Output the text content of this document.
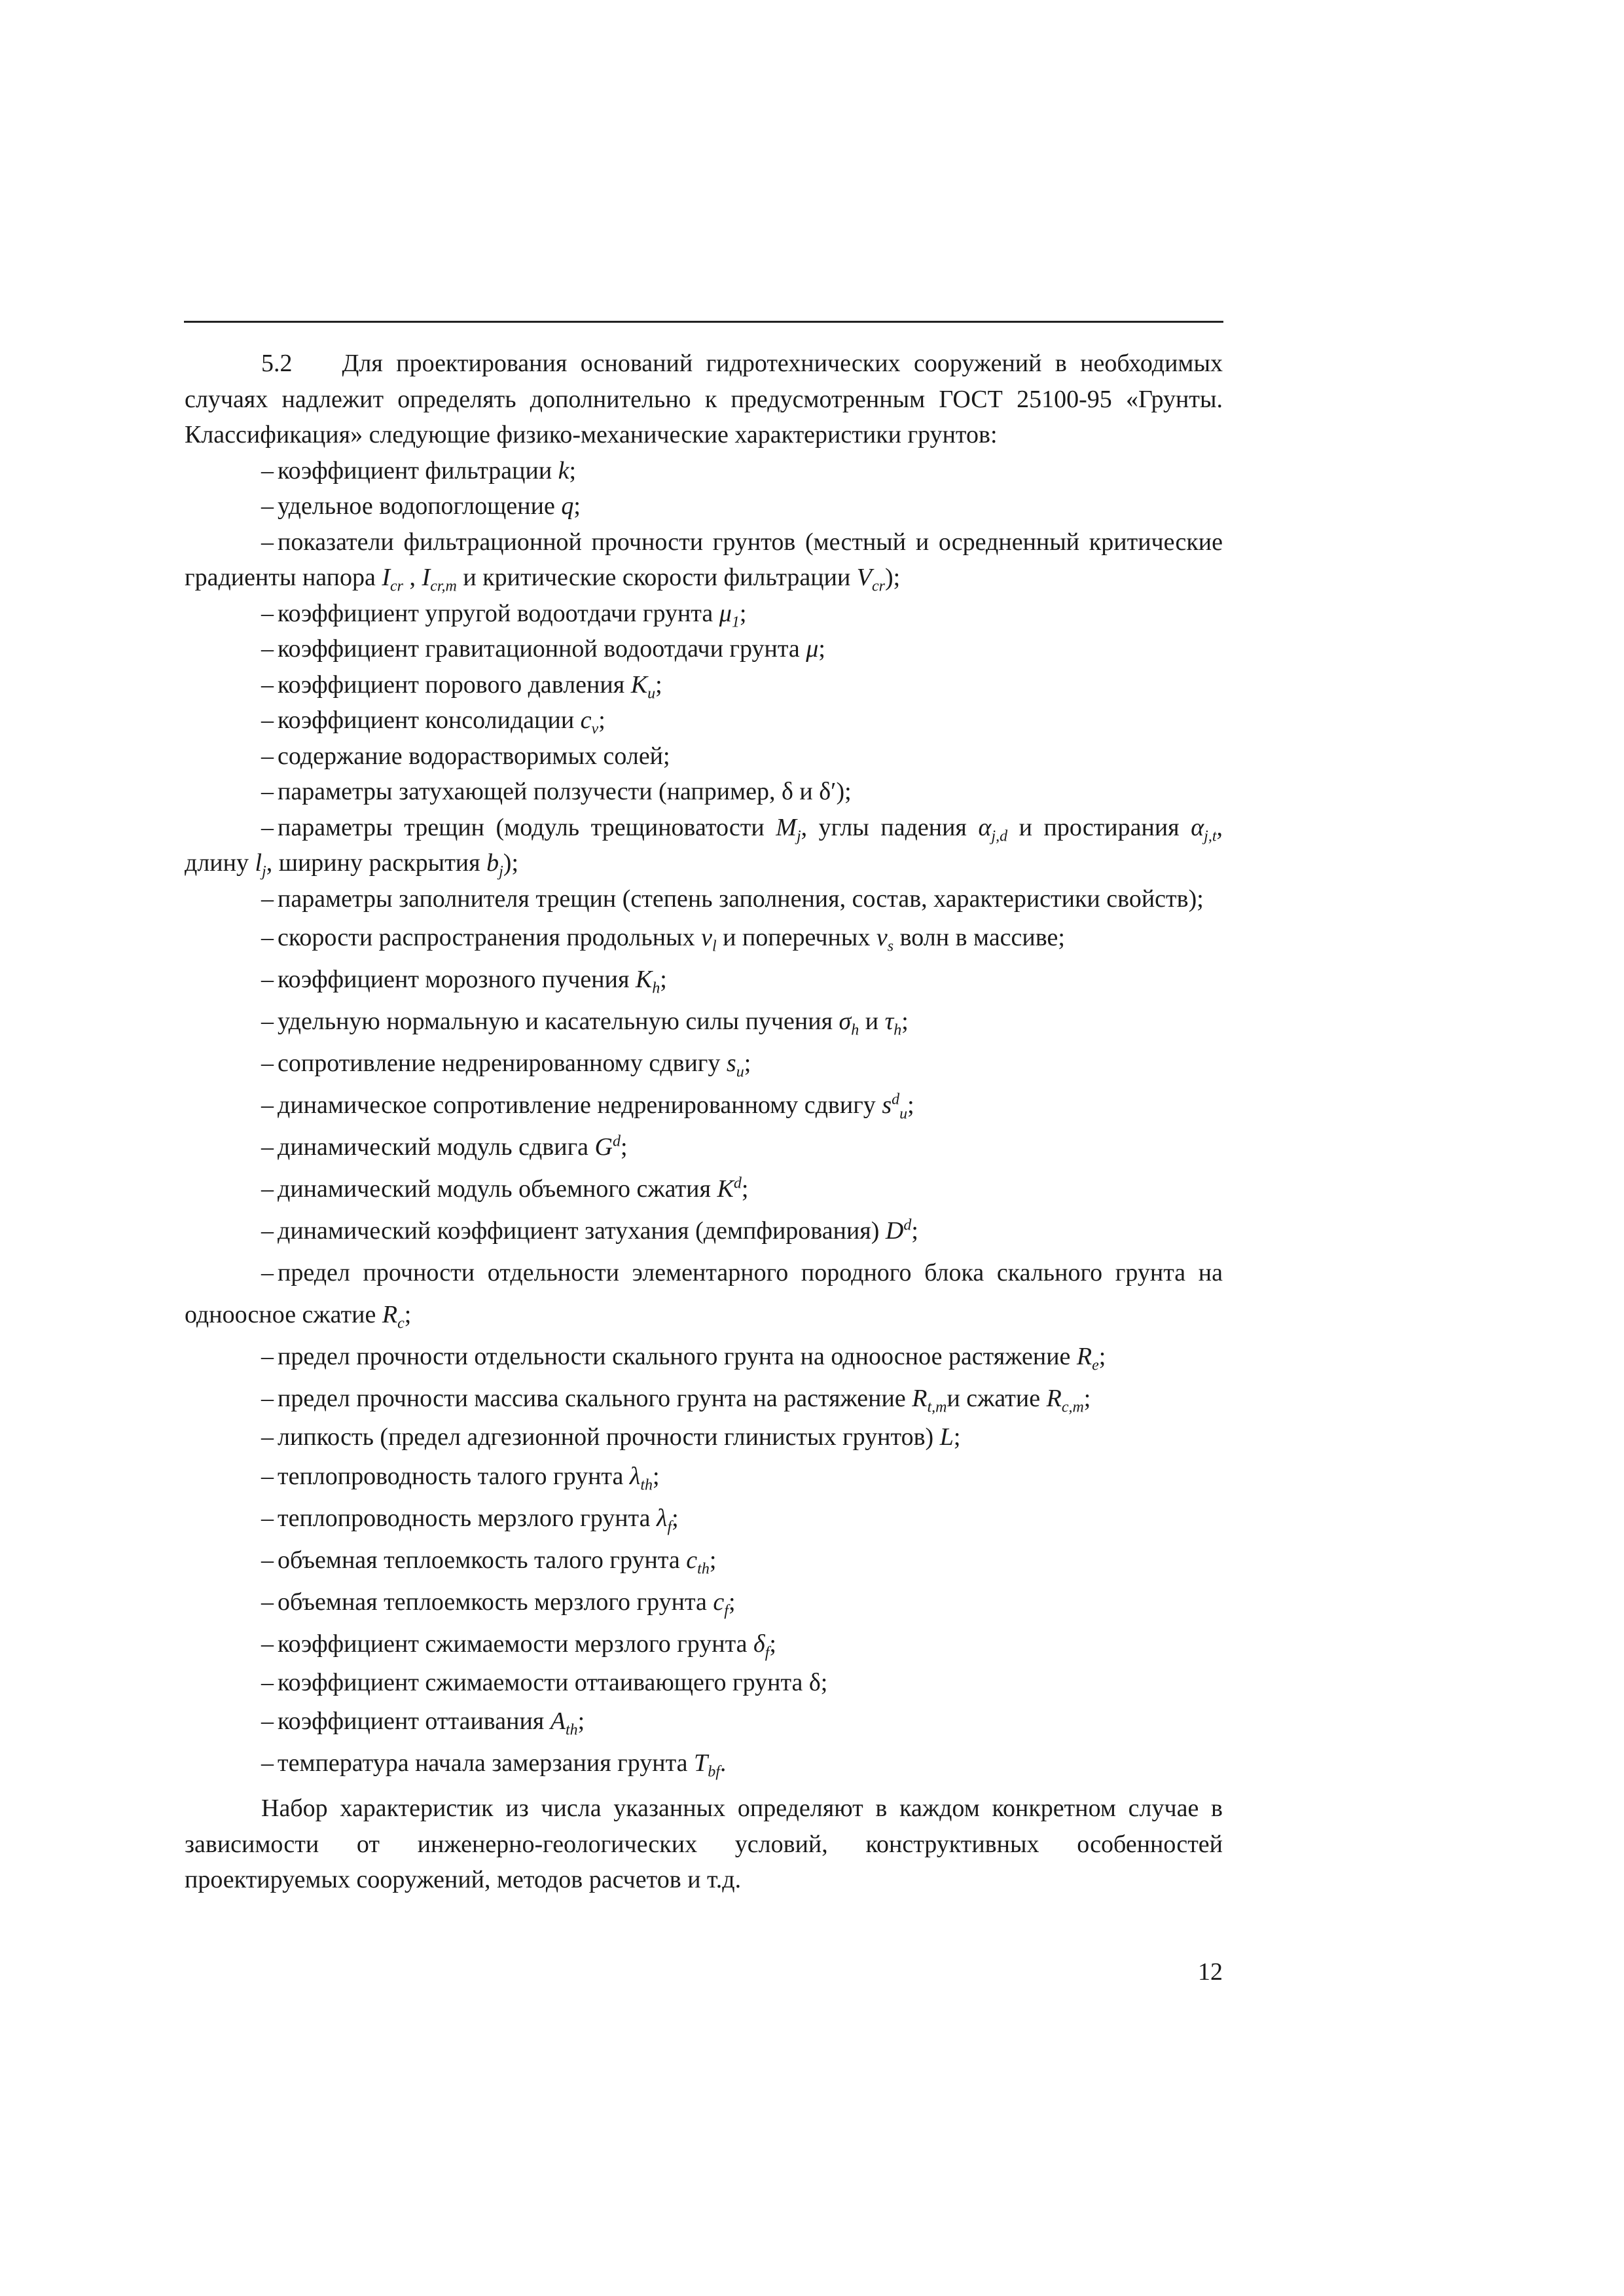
5.2  Для проектирования оснований гидротехнических сооружений в необходимых случаях надлежит определять дополнительно к предусмотренным ГОСТ 25100-95 «Грунты. Классификация» следующие физико-механические характеристики грунтов:

– коэффициент фильтрации k;

– удельное водопоглощение q;

– показатели фильтрационной прочности грунтов (местный и осредненный критические градиенты напора $I_{cr}$ , $I_{cr,m}$ и критические скорости фильтрации $V_{cr}$);

– коэффициент упругой водоотдачи грунта $\mu_1$;

– коэффициент гравитационной водоотдачи грунта μ;

– коэффициент порового давления $K_u$;

– коэффициент консолидации $c_v$;

– содержание водорастворимых солей;

– параметры затухающей ползучести (например, δ и δ′);

– параметры трещин (модуль трещиноватости $M_j$, углы падения $\alpha_{j,d}$ и простирания $\alpha_{j,t}$, длину $l_j$, ширину раскрытия $b_j$);

– параметры заполнителя трещин (степень заполнения, состав, характеристики свойств);

– скорости распространения продольных $v_l$ и поперечных $v_s$ волн в массиве;

– коэффициент морозного пучения $K_h$;

– удельную нормальную и касательную силы пучения $\sigma_h$ и $\tau_h$;

– сопротивление недренированному сдвигу $s_u$;

– динамическое сопротивление недренированному сдвигу $s^d_u$;

– динамический модуль сдвига $G^d$;

– динамический модуль объемного сжатия $K^d$;

– динамический коэффициент затухания (демпфирования) $D^d$;

– предел прочности отдельности элементарного породного блока скального грунта на одноосное сжатие $R_c$;

– предел прочности отдельности скального грунта на одноосное растяжение $R_e$;

– предел прочности массива скального грунта на растяжение $R_{t,m}и$ сжатие $R_{c,m}$;

– липкость (предел адгезионной прочности глинистых грунтов) L;

– теплопроводность талого грунта $\lambda_{th}$;

– теплопроводность мерзлого грунта $\lambda_f$;

– объемная теплоемкость талого грунта $c_{th}$;

– объемная теплоемкость мерзлого грунта $c_f$;

– коэффициент сжимаемости мерзлого грунта $\delta_f$;

– коэффициент сжимаемости оттаивающего грунта δ;

– коэффициент оттаивания $A_{th}$;

– температура начала замерзания грунта $T_{bf}$.

Набор характеристик из числа указанных определяют в каждом конкретном случае в зависимости от инженерно-геологических условий, конструктивных особенностей проектируемых сооружений, методов расчетов и т.д.

12
